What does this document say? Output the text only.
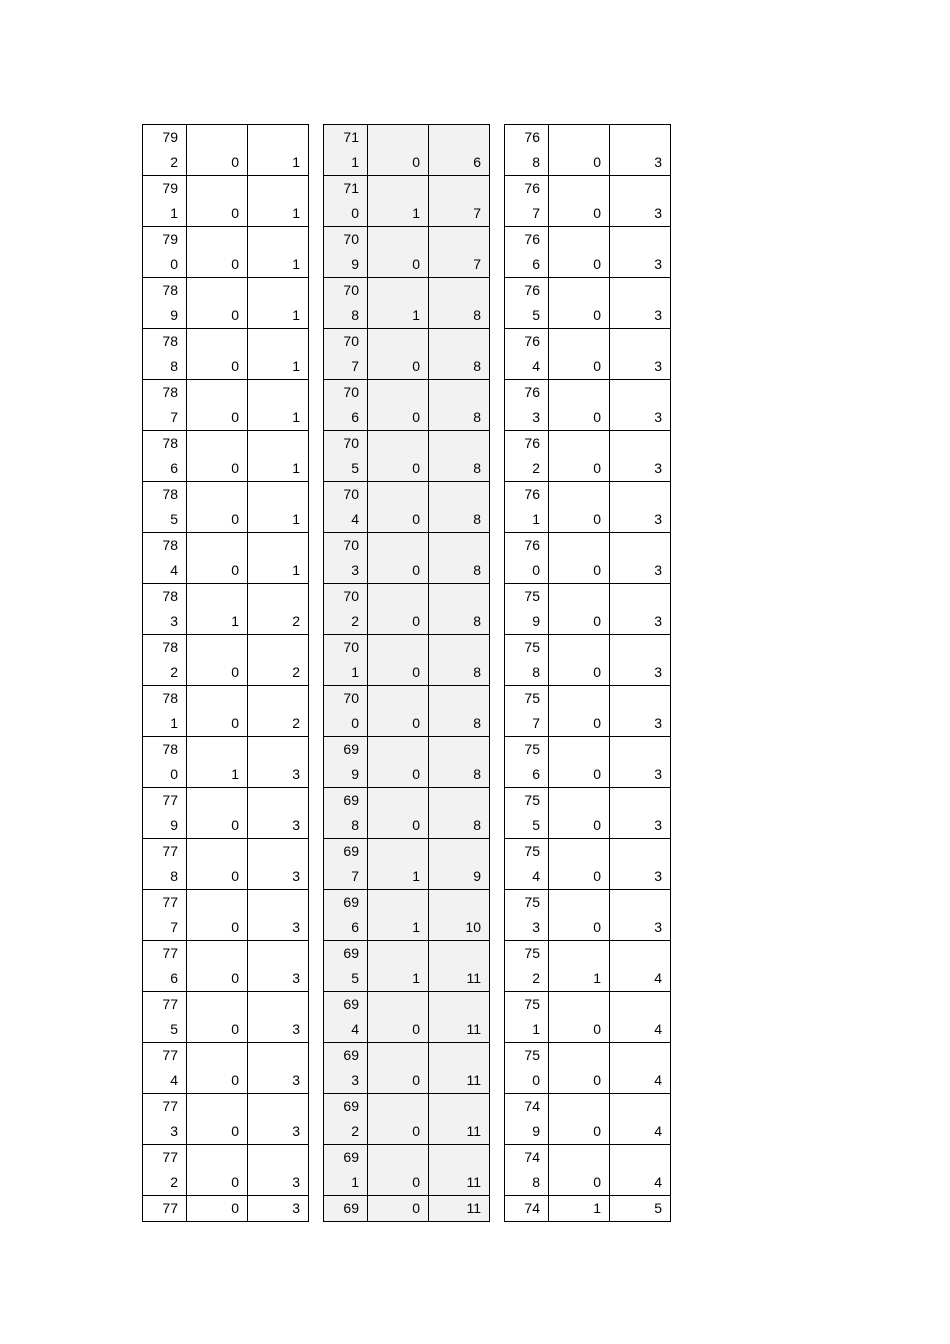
79
2	0	1

79
1	0	1

79
0	0	1

78
9	0	1

78
8	0	1

78
7	0	1

78
6	0	1

78
5	0	1

78
4	0	1

78
3	1	2

78
2	0	2

78
1	0	2

78
0	1	3

77
9	0	3

77
8	0	3

77
7	0	3

77
6	0	3

77
5	0	3

77
4	0	3

77
3	0	3

77
2	0	3

77	0	3
71
1	0	6

71
0	1	7

70
9	0	7

70
8	1	8

70
7	0	8

70
6	0	8

70
5	0	8

70
4	0	8

70
3	0	8

70
2	0	8

70
1	0	8

70
0	0	8

69
9	0	8

69
8	0	8

69
7	1	9

69
6	1	10

69
5	1	11

69
4	0	11

69
3	0	11

69
2	0	11

69
1	0	11

69	0	11
76
8	0	3

76
7	0	3

76
6	0	3

76
5	0	3

76
4	0	3

76
3	0	3

76
2	0	3

76
1	0	3

76
0	0	3

75
9	0	3

75
8	0	3

75
7	0	3

75
6	0	3

75
5	0	3

75
4	0	3

75
3	0	3

75
2	1	4

75
1	0	4

75
0	0	4

74
9	0	4

74
8	0	4

74	1	5
